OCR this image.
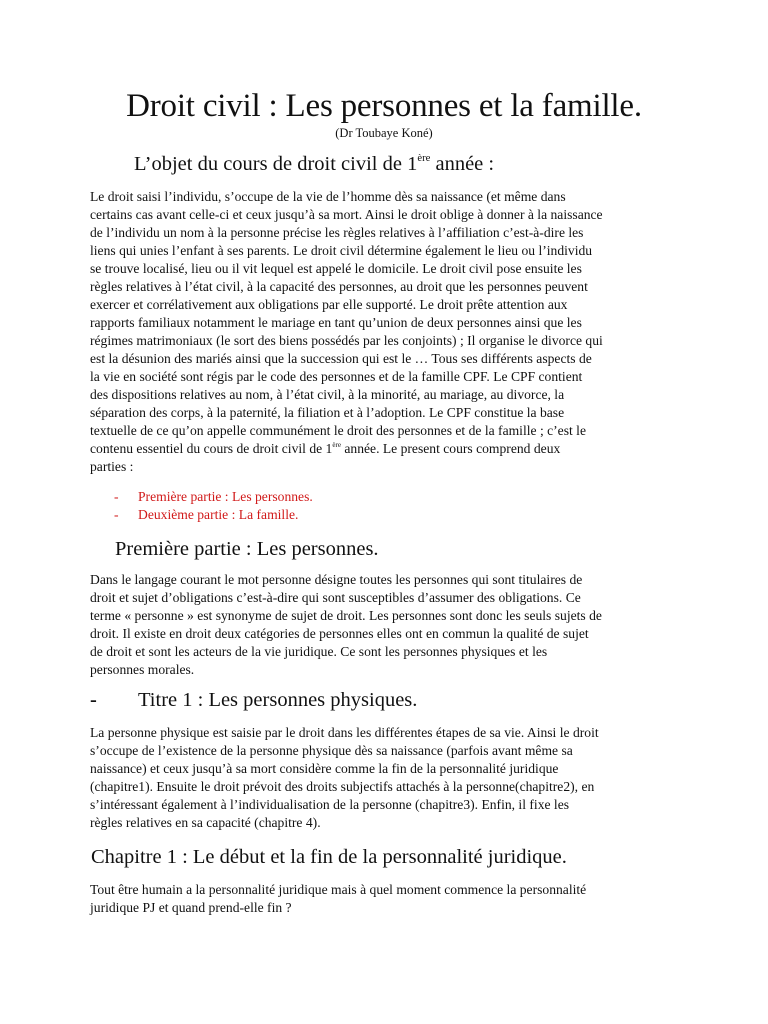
Droit civil : Les personnes et la famille.
(Dr Toubaye Koné)
L’objet du cours de droit civil de 1ère année :

Le droit saisi l’individu, s’occupe de la vie de l’homme dès sa naissance (et même dans
certains cas avant celle-ci et ceux jusqu’à sa mort. Ainsi le droit oblige à donner à la naissance
de l’individu un nom à la personne précise les règles relatives à l’affiliation c’est-à-dire les
liens qui unies l’enfant à ses parents. Le droit civil détermine également le lieu ou l’individu
se trouve localisé, lieu ou il vit lequel est appelé le domicile. Le droit civil pose ensuite les
règles relatives à l’état civil, à la capacité des personnes, au droit que les personnes peuvent
exercer et corrélativement aux obligations par elle supporté. Le droit prête attention aux
rapports familiaux notamment le mariage en tant qu’union de deux personnes ainsi que les
régimes matrimoniaux (le sort des biens possédés par les conjoints) ; Il organise le divorce qui
est la désunion des mariés ainsi que la succession qui est le … Tous ses différents aspects de
la vie en société sont régis par le code des personnes et de la famille CPF. Le CPF contient
des dispositions relatives au nom, à l’état civil, à la minorité, au mariage, au divorce, la
séparation des corps, à la paternité, la filiation et à l’adoption. Le CPF constitue la base
textuelle de ce qu’on appelle communément le droit des personnes et de la famille ; c’est le
contenu essentiel du cours de droit civil de 1ère année. Le present cours comprend deux
parties :

- Première partie : Les personnes.
- Deuxième partie : La famille.
Première partie : Les personnes.

Dans le langage courant le mot personne désigne toutes les personnes qui sont titulaires de
droit et sujet d’obligations c’est-à-dire qui sont susceptibles d’assumer des obligations. Ce
terme « personne » est synonyme de sujet de droit. Les personnes sont donc les seuls sujets de
droit. Il existe en droit deux catégories de personnes elles ont en commun la qualité de sujet
de droit et sont les acteurs de la vie juridique. Ce sont les personnes physiques et les
personnes morales.

- Titre 1 : Les personnes physiques.

La personne physique est saisie par le droit dans les différentes étapes de sa vie. Ainsi le droit
s’occupe de l’existence de la personne physique dès sa naissance (parfois avant même sa
naissance) et ceux jusqu’à sa mort considère comme la fin de la personnalité juridique
(chapitre1). Ensuite le droit prévoit des droits subjectifs attachés à la personne(chapitre2), en
s’intéressant également à l’individualisation de la personne (chapitre3). Enfin, il fixe les
règles relatives en sa capacité (chapitre 4).

Chapitre 1 : Le début et la fin de la personnalité juridique.

Tout être humain a la personnalité juridique mais à quel moment commence la personnalité
juridique PJ et quand prend-elle fin ?
